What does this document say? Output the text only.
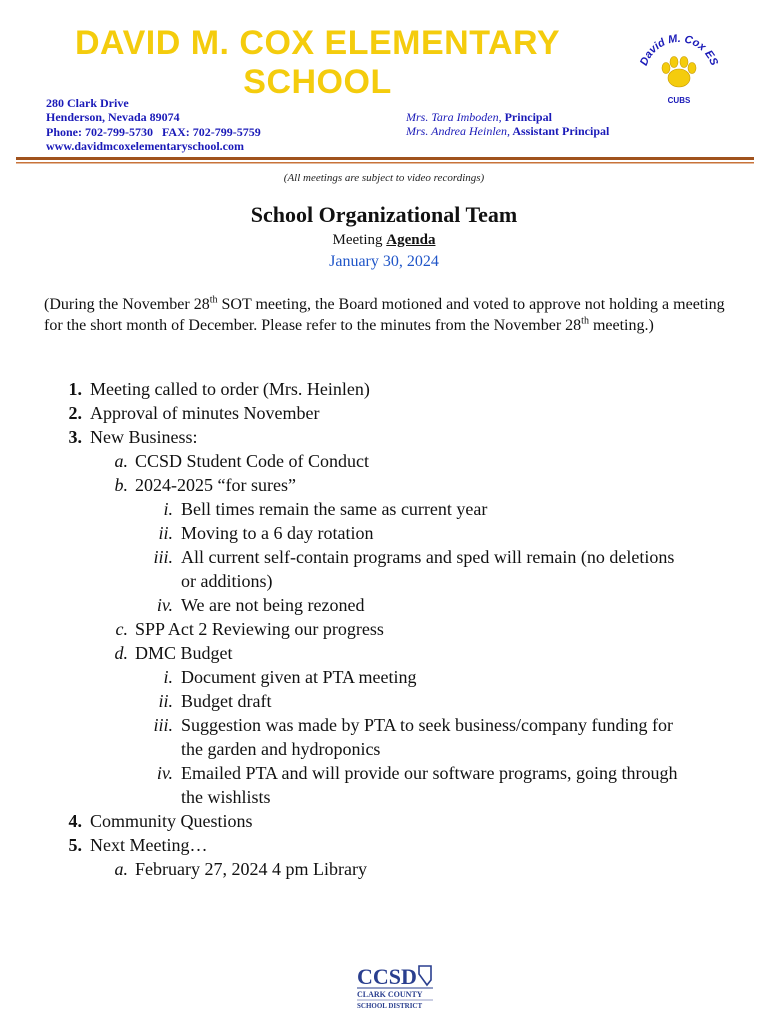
DAVID M. COX ELEMENTARY
SCHOOL
280 Clark Drive
Henderson, Nevada 89074
Phone: 702-799-5730   FAX: 702-799-5759
www.davidmcoxelementaryschool.com
Mrs. Tara Imboden, Principal
Mrs. Andrea Heinlen, Assistant Principal
David M. Cox ES
CUBS
(All meetings are subject to video recordings)
School Organizational Team
Meeting Agenda
January 30, 2024
(During the November 28th SOT meeting, the Board motioned and voted to approve not holding a meeting for the short month of December. Please refer to the minutes from the November 28th meeting.)
1. Meeting called to order (Mrs. Heinlen)
2. Approval of minutes November
3. New Business:
a. CCSD Student Code of Conduct
b. 2024-2025 “for sures”
i. Bell times remain the same as current year
ii. Moving to a 6 day rotation
iii. All current self-contain programs and sped will remain (no deletions
or additions)
iv. We are not being rezoned
c. SPP Act 2 Reviewing our progress
d. DMC Budget
i. Document given at PTA meeting
ii. Budget draft
iii. Suggestion was made by PTA to seek business/company funding for
the garden and hydroponics
iv. Emailed PTA and will provide our software programs, going through
the wishlists
4. Community Questions
5. Next Meeting…
a. February 27, 2024 4 pm Library
CCSD
CLARK COUNTY
SCHOOL DISTRICT
